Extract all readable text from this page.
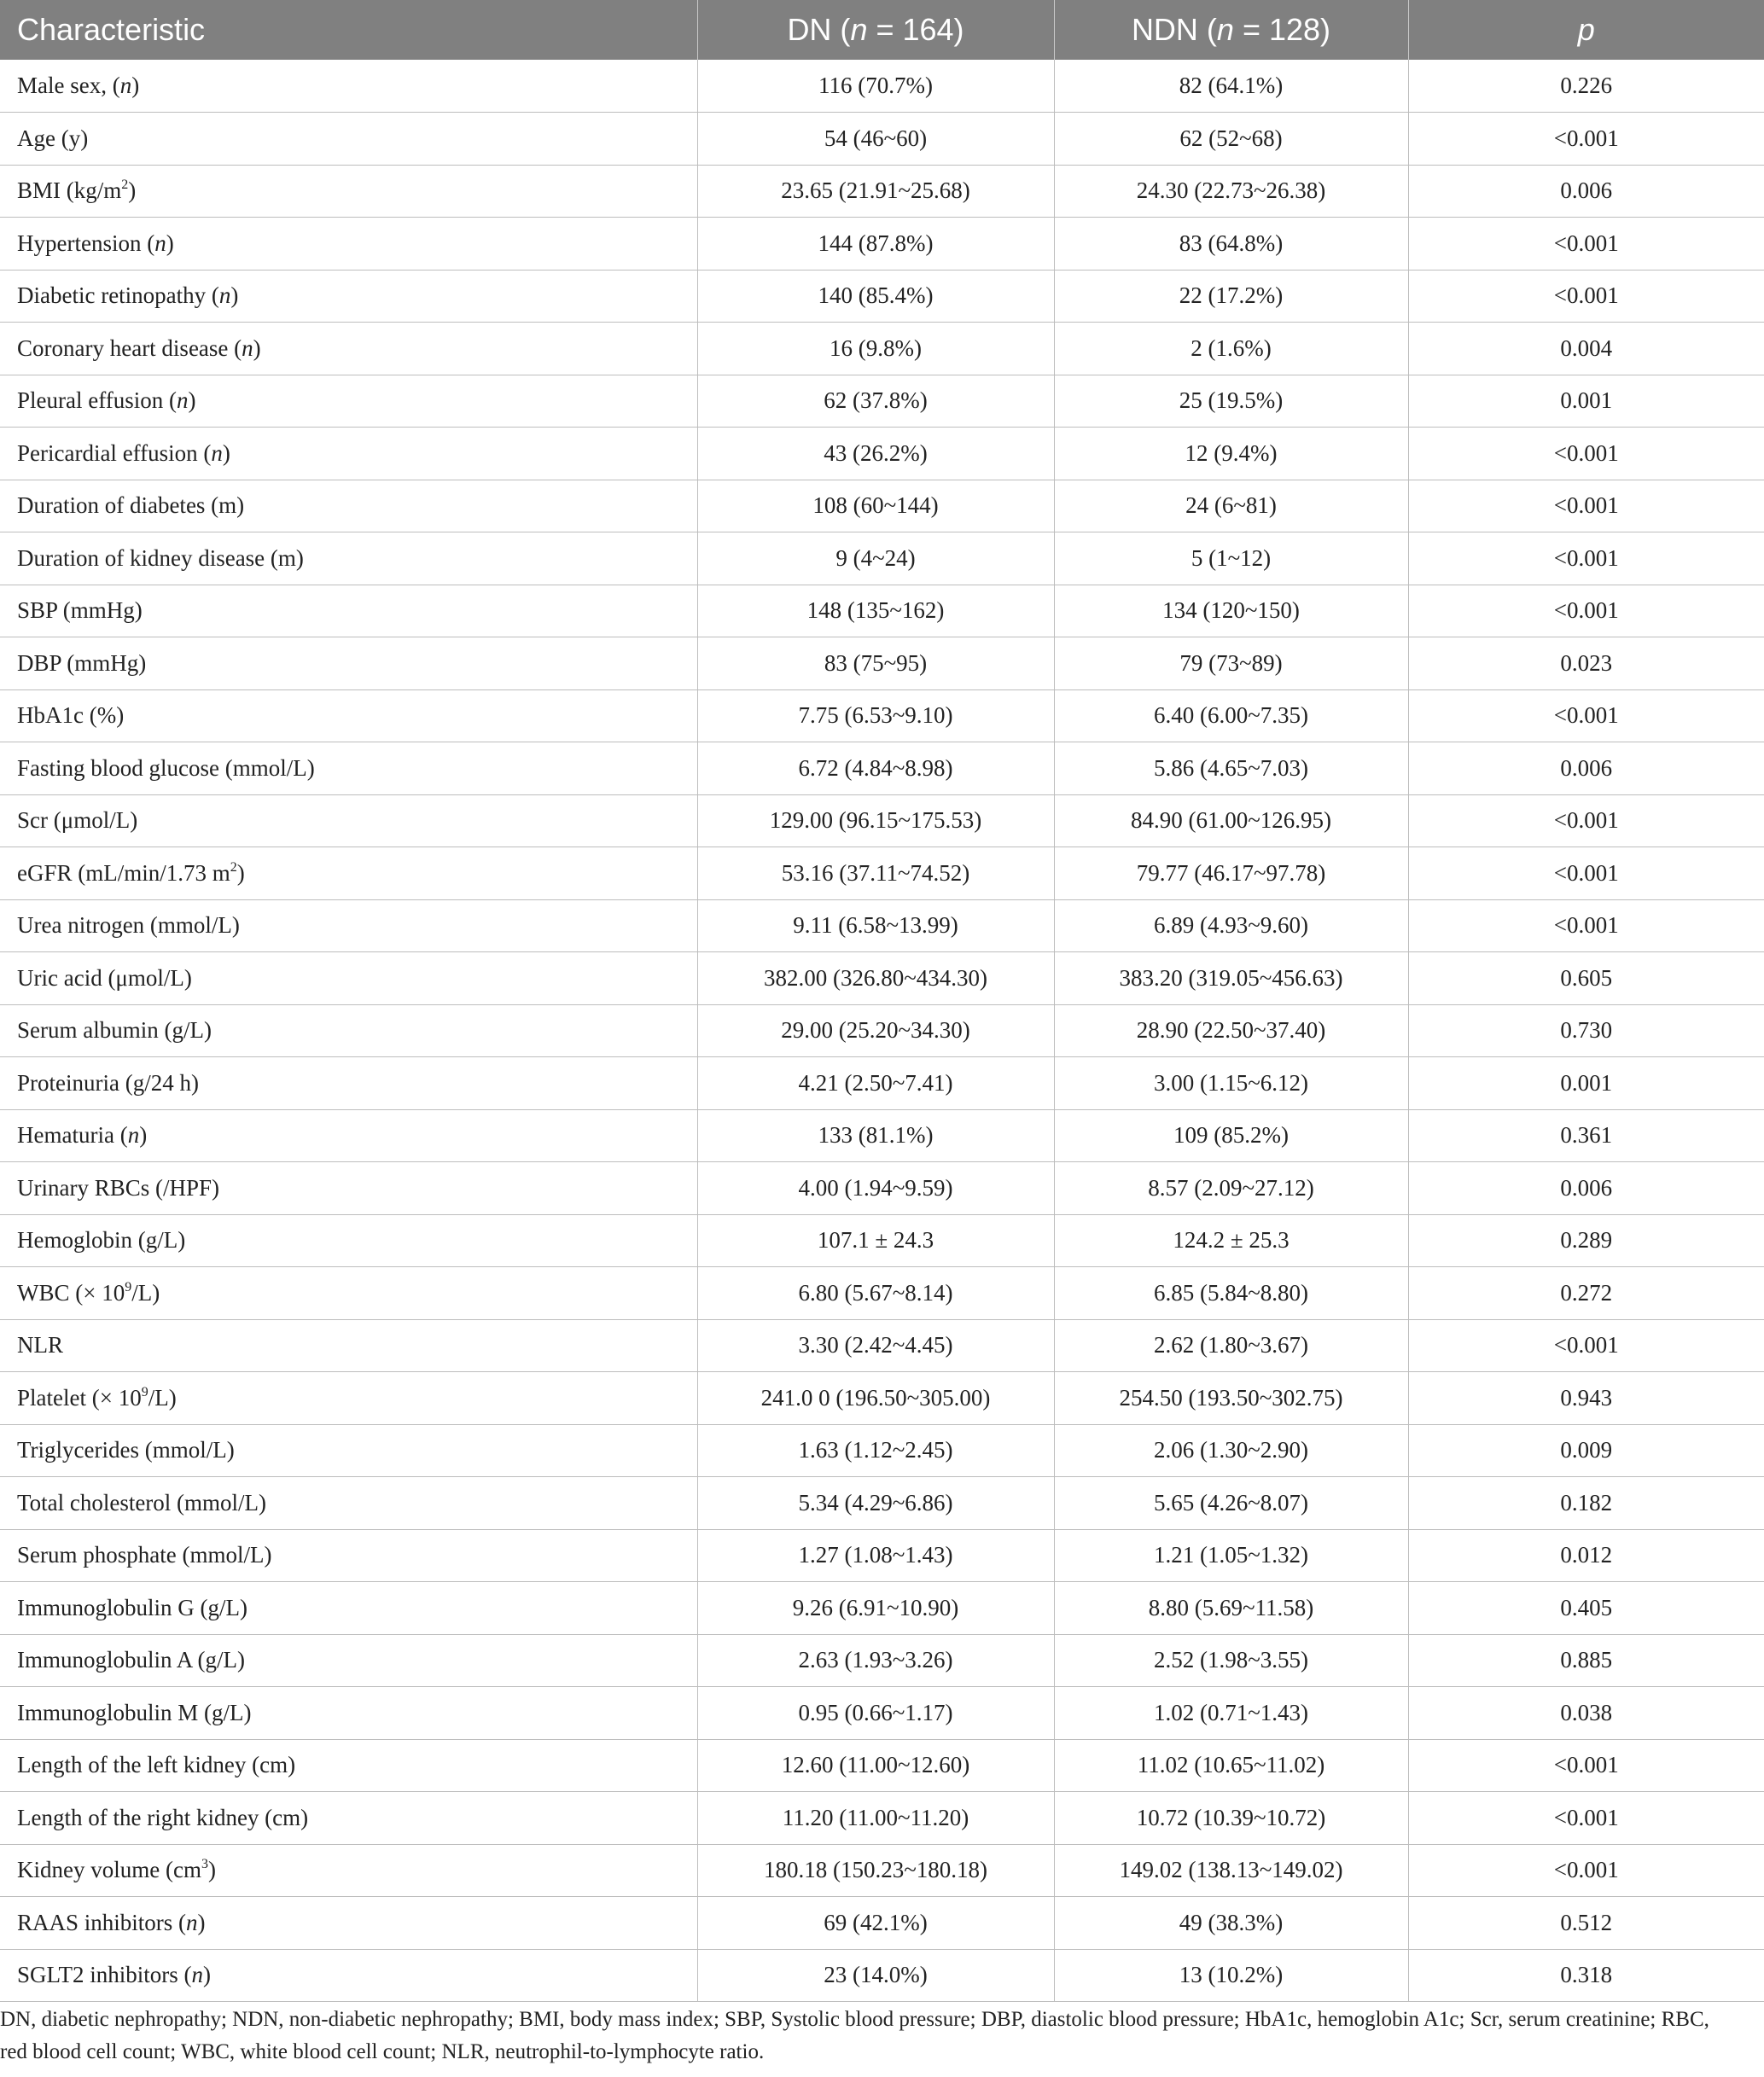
Characteristic	DN (n = 164)	NDN (n = 128)	p
Male sex, (n)	116 (70.7%)	82 (64.1%)	0.226
Age (y)	54 (46~60)	62 (52~68)	<0.001
BMI $(kg/m^2)$	23.65 (21.91~25.68)	24.30 (22.73~26.38)	0.006
Hypertension (n)	144 (87.8%)	83 (64.8%)	<0.001
Diabetic retinopathy (n)	140 (85.4%)	22 (17.2%)	<0.001
Coronary heart disease (n)	16 (9.8%)	2 (1.6%)	0.004
Pleural effusion (n)	62 (37.8%)	25 (19.5%)	0.001
Pericardial effusion (n)	43 (26.2%)	12 (9.4%)	<0.001
Duration of diabetes (m)	108 (60~144)	24 (6~81)	<0.001
Duration of kidney disease (m)	9 (4~24)	5 (1~12)	<0.001
SBP (mmHg)	148 (135~162)	134 (120~150)	<0.001
DBP (mmHg)	83 (75~95)	79 (73~89)	0.023
HbA1c (%)	7.75 (6.53~9.10)	6.40 (6.00~7.35)	<0.001
Fasting blood glucose (mmol/L)	6.72 (4.84~8.98)	5.86 (4.65~7.03)	0.006
Scr (μmol/L)	129.00 (96.15~175.53)	84.90 (61.00~126.95)	<0.001
eGFR (mL/min/1.73 $m^2$)	53.16 (37.11~74.52)	79.77 (46.17~97.78)	<0.001
Urea nitrogen (mmol/L)	9.11 (6.58~13.99)	6.89 (4.93~9.60)	<0.001
Uric acid (μmol/L)	382.00 (326.80~434.30)	383.20 (319.05~456.63)	0.605
Serum albumin (g/L)	29.00 (25.20~34.30)	28.90 (22.50~37.40)	0.730
Proteinuria (g/24 h)	4.21 (2.50~7.41)	3.00 (1.15~6.12)	0.001
Hematuria (n)	133 (81.1%)	109 (85.2%)	0.361
Urinary RBCs (/HPF)	4.00 (1.94~9.59)	8.57 (2.09~27.12)	0.006
Hemoglobin (g/L)	107.1 ± 24.3	124.2 ± 25.3	0.289
WBC (× $10^9/L$)	6.80 (5.67~8.14)	6.85 (5.84~8.80)	0.272
NLR	3.30 (2.42~4.45)	2.62 (1.80~3.67)	<0.001
Platelet (× $10^9/L$)	241.0 0 (196.50~305.00)	254.50 (193.50~302.75)	0.943
Triglycerides (mmol/L)	1.63 (1.12~2.45)	2.06 (1.30~2.90)	0.009
Total cholesterol (mmol/L)	5.34 (4.29~6.86)	5.65 (4.26~8.07)	0.182
Serum phosphate (mmol/L)	1.27 (1.08~1.43)	1.21 (1.05~1.32)	0.012
Immunoglobulin G (g/L)	9.26 (6.91~10.90)	8.80 (5.69~11.58)	0.405
Immunoglobulin A (g/L)	2.63 (1.93~3.26)	2.52 (1.98~3.55)	0.885
Immunoglobulin M (g/L)	0.95 (0.66~1.17)	1.02 (0.71~1.43)	0.038
Length of the left kidney (cm)	12.60 (11.00~12.60)	11.02 (10.65~11.02)	<0.001
Length of the right kidney (cm)	11.20 (11.00~11.20)	10.72 (10.39~10.72)	<0.001
Kidney volume $(cm^3)$	180.18 (150.23~180.18)	149.02 (138.13~149.02)	<0.001
RAAS inhibitors (n)	69 (42.1%)	49 (38.3%)	0.512
SGLT2 inhibitors (n)	23 (14.0%)	13 (10.2%)	0.318
DN, diabetic nephropathy; NDN, non-diabetic nephropathy; BMI, body mass index; SBP, Systolic blood pressure; DBP, diastolic blood pressure; HbA1c, hemoglobin A1c; Scr, serum creatinine; RBC, red blood cell count; WBC, white blood cell count; NLR, neutrophil-to-lymphocyte ratio.
